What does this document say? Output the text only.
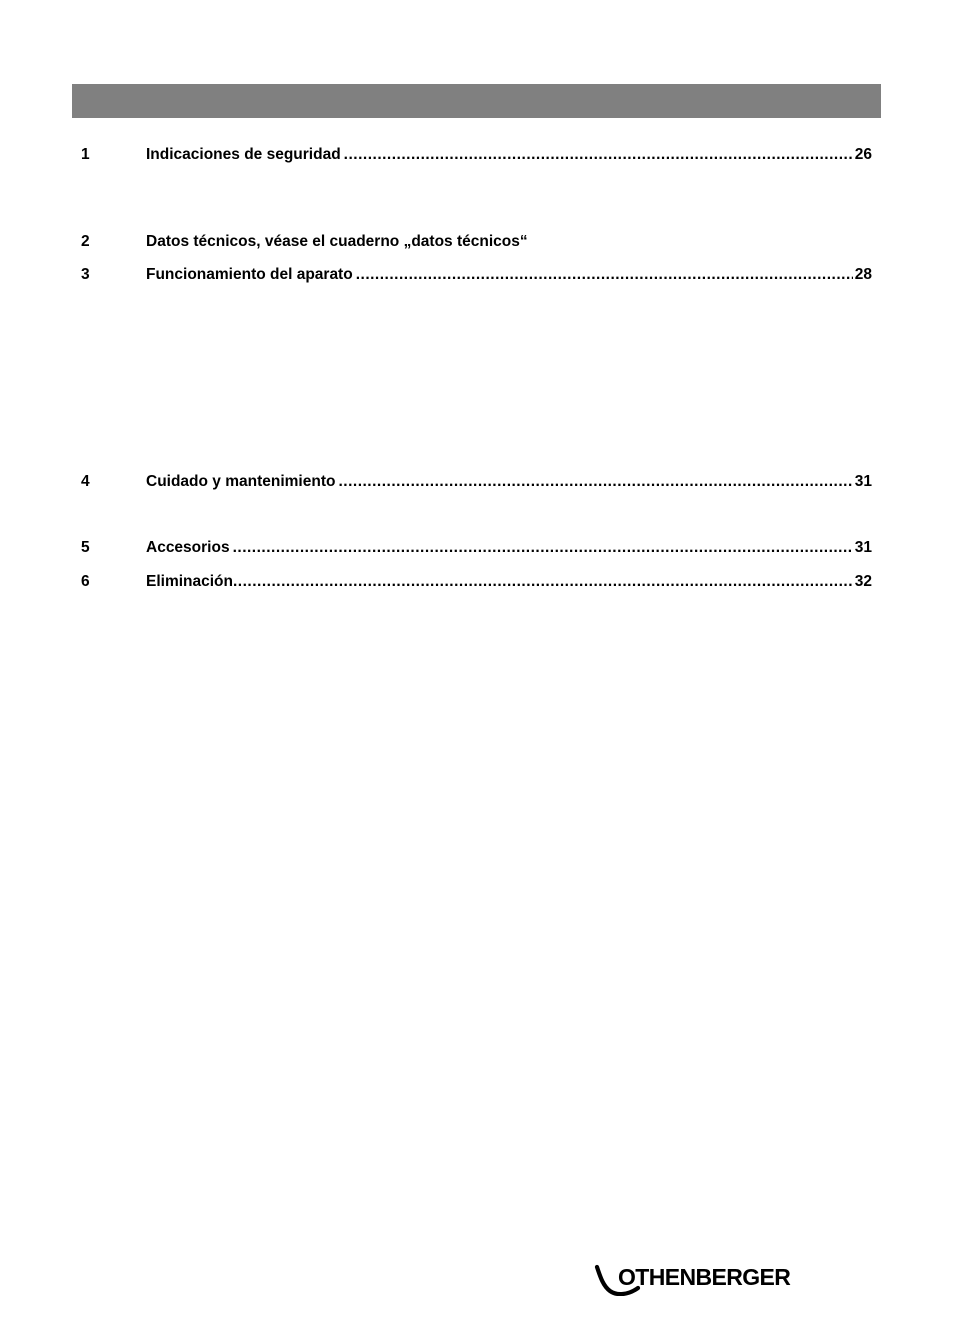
1	Indicaciones de seguridad .....	26
2	Datos técnicos, véase el cuaderno „datos técnicos“
3	Funcionamiento del aparato .....	28
4	Cuidado y mantenimiento .....	31
5	Accesorios .....	31
6	Eliminación .....	32
OTHENBERGER
